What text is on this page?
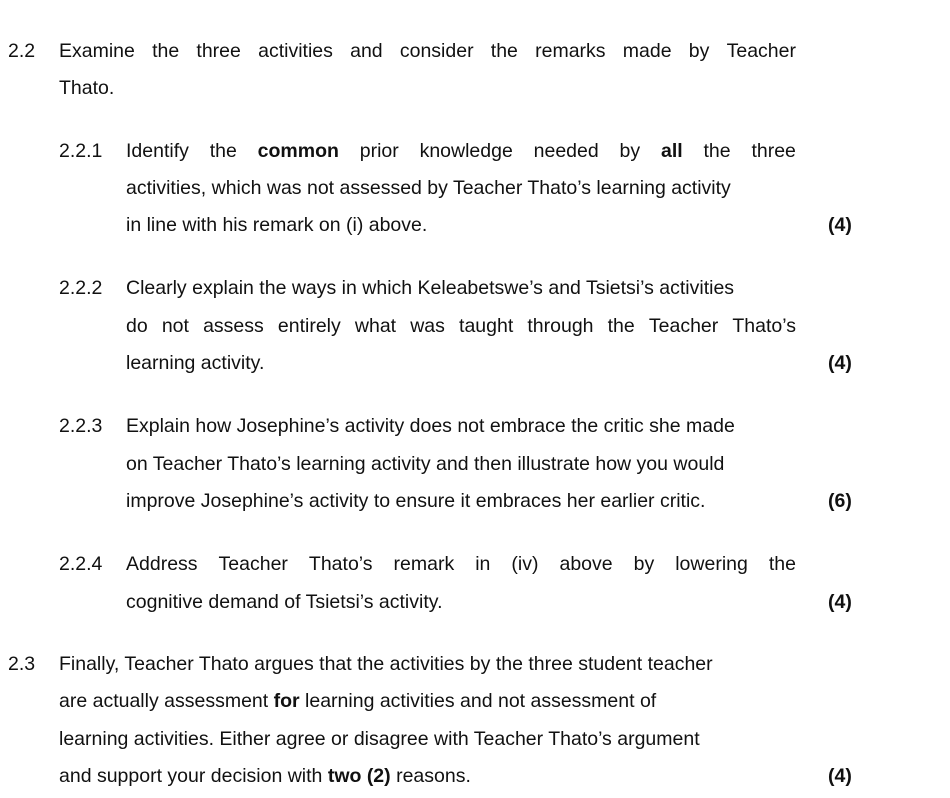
2.2 Examine the three activities and consider the remarks made by Teacher
Thato.
2.2.1 Identify the common prior knowledge needed by all the three
activities, which was not assessed by Teacher Thato’s learning activity
in line with his remark on (i) above.	(4)
2.2.2 Clearly explain the ways in which Keleabetswe’s and Tsietsi’s activities
do not assess entirely what was taught through the Teacher Thato’s
learning activity.	(4)
2.2.3 Explain how Josephine’s activity does not embrace the critic she made
on Teacher Thato’s learning activity and then illustrate how you would
improve Josephine’s activity to ensure it embraces her earlier critic.	(6)
2.2.4 Address Teacher Thato’s remark in (iv) above by lowering the
cognitive demand of Tsietsi’s activity.	(4)
2.3 Finally, Teacher Thato argues that the activities by the three student teacher
are actually assessment for learning activities and not assessment of
learning activities. Either agree or disagree with Teacher Thato’s argument
and support your decision with two (2) reasons.	(4)
